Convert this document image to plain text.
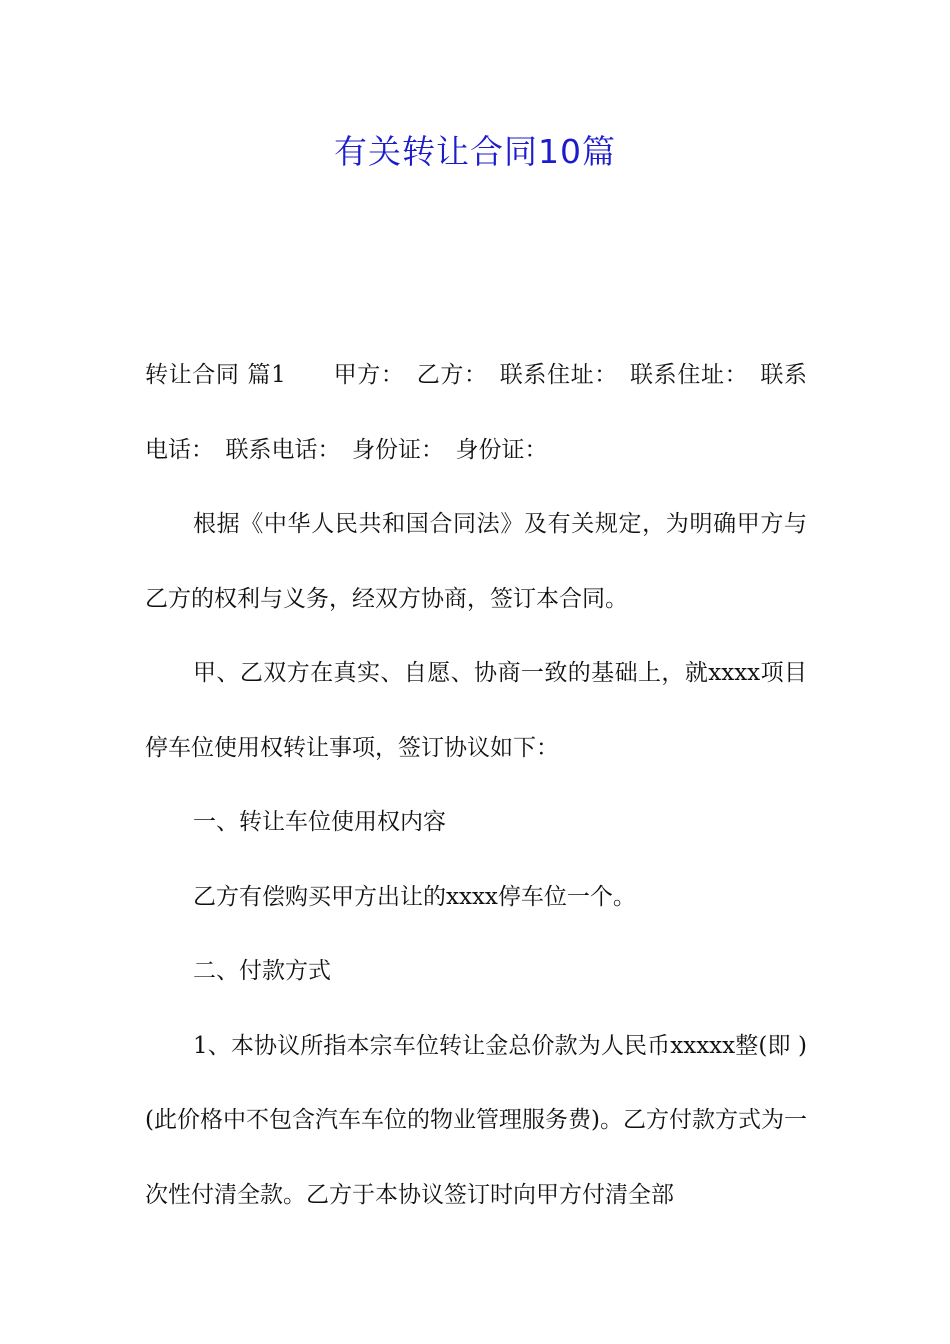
有关转让合同10篇

转让合同 篇1　　甲方：　乙方：　联系住址：　联系住址：　联系电话：　联系电话：　身份证：　身份证：

根据《中华人民共和国合同法》及有关规定，为明确甲方与乙方的权利与义务，经双方协商，签订本合同。

甲、乙双方在真实、自愿、协商一致的基础上，就xxxx项目停车位使用权转让事项，签订协议如下：

一、转让车位使用权内容

乙方有偿购买甲方出让的xxxx停车位一个。

二、付款方式

1、本协议所指本宗车位转让金总价款为人民币xxxxx整(即 )(此价格中不包含汽车车位的物业管理服务费)。乙方付款方式为一次性付清全款。乙方于本协议签订时向甲方付清全部
